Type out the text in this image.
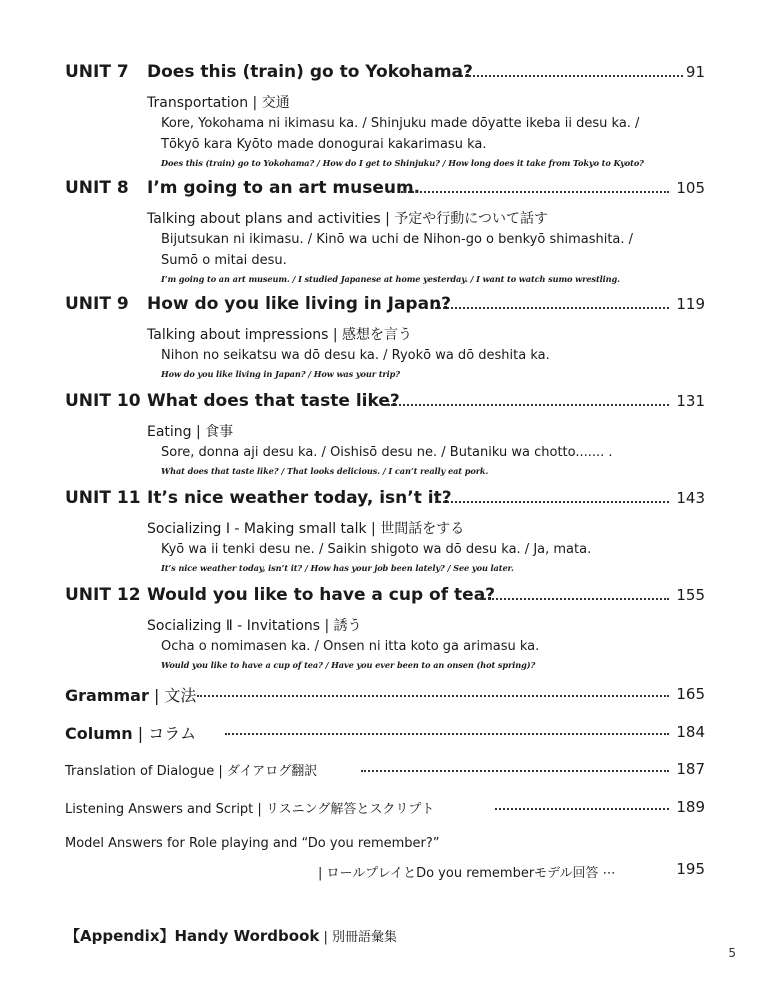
UNIT 7 Does this (train) go to Yokohama?	91
Transportation | 交通
Kore, Yokohama ni ikimasu ka. / Shinjuku made dōyatte ikeba ii desu ka. /
Tōkyō kara Kyōto made donogurai kakarimasu ka.
Does this (train) go to Yokohama? / How do I get to Shinjuku? / How long does it take from Tokyo to Kyoto?
UNIT 8 I’m going to an art museum.	105
Talking about plans and activities | 予定や行動について話す
Bijutsukan ni ikimasu. / Kinō wa uchi de Nihon-go o benkyō shimashita. /
Sumō o mitai desu.
I’m going to an art museum. / I studied Japanese at home yesterday. / I want to watch sumo wrestling.
UNIT 9 How do you like living in Japan?	119
Talking about impressions | 感想を言う
Nihon no seikatsu wa dō desu ka. / Ryokō wa dō deshita ka.
How do you like living in Japan? / How was your trip?
UNIT 10 What does that taste like?	131
Eating | 食事
Sore, donna aji desu ka. / Oishisō desu ne. / Butaniku wa chotto....... .
What does that taste like? / That looks delicious. / I can’t really eat pork.
UNIT 11 It’s nice weather today, isn’t it?	143
Socializing Ⅰ - Making small talk | 世間話をする
Kyō wa ii tenki desu ne. / Saikin shigoto wa dō desu ka. / Ja, mata.
It’s nice weather today, isn’t it? / How has your job been lately? / See you later.
UNIT 12 Would you like to have a cup of tea?	155
Socializing Ⅱ - Invitations | 誘う
Ocha o nomimasen ka. / Onsen ni itta koto ga arimasu ka.
Would you like to have a cup of tea? / Have you ever been to an onsen (hot spring)?
Grammar | 文法	165
Column | コラム	184
Translation of Dialogue | ダイアログ翻訳	187
Listening Answers and Script | リスニング解答とスクリプト	189
Model Answers for Role playing and “Do you remember?”
| ロールプレイとDo you rememberモデル回答 ⋯	195
【Appendix】Handy Wordbook | 別冊語彙集
5
